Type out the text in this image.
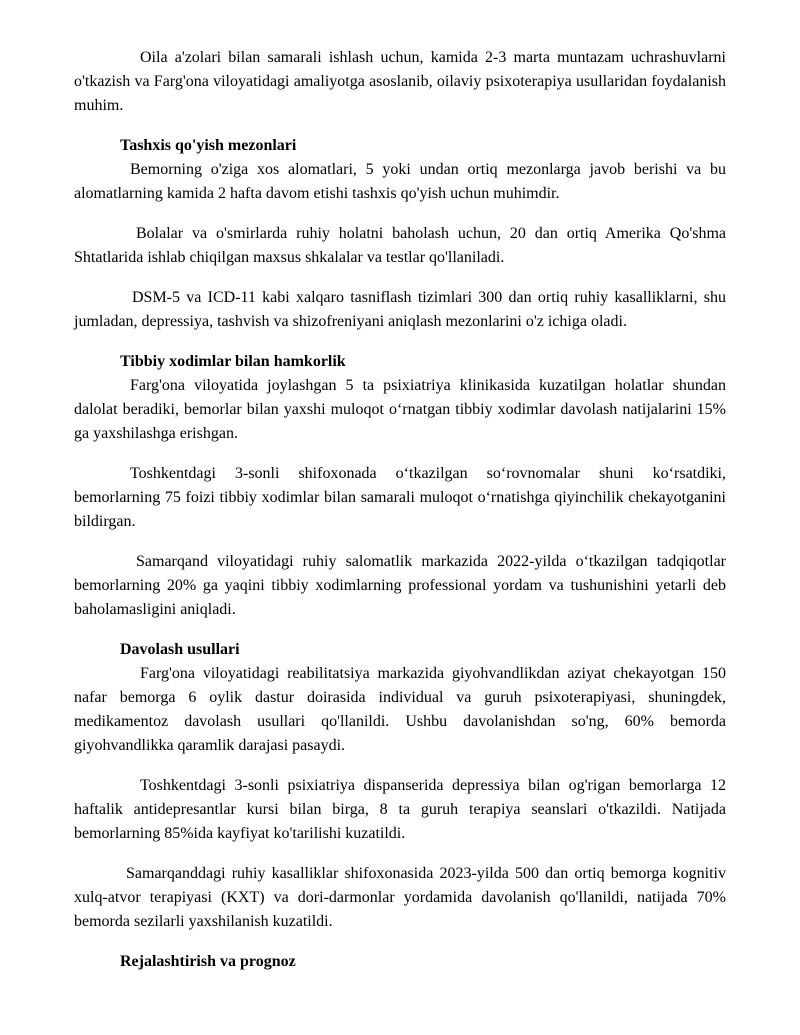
Oila a'zolari bilan samarali ishlash uchun, kamida 2-3 marta muntazam uchrashuvlarni o'tkazish va Farg'ona viloyatidagi amaliyotga asoslanib, oilaviy psixoterapiya usullaridan foydalanish muhim.

Tashxis qo'yish mezonlari

Bemorning o'ziga xos alomatlari, 5 yoki undan ortiq mezonlarga javob berishi va bu alomatlarning kamida 2 hafta davom etishi tashxis qo'yish uchun muhimdir.

Bolalar va o'smirlarda ruhiy holatni baholash uchun, 20 dan ortiq Amerika Qo'shma Shtatlarida ishlab chiqilgan maxsus shkalalar va testlar qo'llaniladi.

DSM-5 va ICD-11 kabi xalqaro tasniflash tizimlari 300 dan ortiq ruhiy kasalliklarni, shu jumladan, depressiya, tashvish va shizofreniyani aniqlash mezonlarini o'z ichiga oladi.

Tibbiy xodimlar bilan hamkorlik

Farg'ona viloyatida joylashgan 5 ta psixiatriya klinikasida kuzatilgan holatlar shundan dalolat beradiki, bemorlar bilan yaxshi muloqot o‘rnatgan tibbiy xodimlar davolash natijalarini 15% ga yaxshilashga erishgan.

Toshkentdagi 3-sonli shifoxonada o‘tkazilgan so‘rovnomalar shuni ko‘rsatdiki, bemorlarning 75 foizi tibbiy xodimlar bilan samarali muloqot o‘rnatishga qiyinchilik chekayotganini bildirgan.

Samarqand viloyatidagi ruhiy salomatlik markazida 2022-yilda o‘tkazilgan tadqiqotlar bemorlarning 20% ga yaqini tibbiy xodimlarning professional yordam va tushunishini yetarli deb baholamasligini aniqladi.

Davolash usullari

Farg'ona viloyatidagi reabilitatsiya markazida giyohvandlikdan aziyat chekayotgan 150 nafar bemorga 6 oylik dastur doirasida individual va guruh psixoterapiyasi, shuningdek, medikamentoz davolash usullari qo'llanildi. Ushbu davolanishdan so'ng, 60% bemorda giyohvandlikka qaramlik darajasi pasaydi.

Toshkentdagi 3-sonli psixiatriya dispanserida depressiya bilan og'rigan bemorlarga 12 haftalik antidepresantlar kursi bilan birga, 8 ta guruh terapiya seanslari o'tkazildi. Natijada bemorlarning 85%ida kayfiyat ko'tarilishi kuzatildi.

Samarqanddagi ruhiy kasalliklar shifoxonasida 2023-yilda 500 dan ortiq bemorga kognitiv xulq-atvor terapiyasi (KXT) va dori-darmonlar yordamida davolanish qo'llanildi, natijada 70% bemorda sezilarli yaxshilanish kuzatildi.

Rejalashtirish va prognoz
